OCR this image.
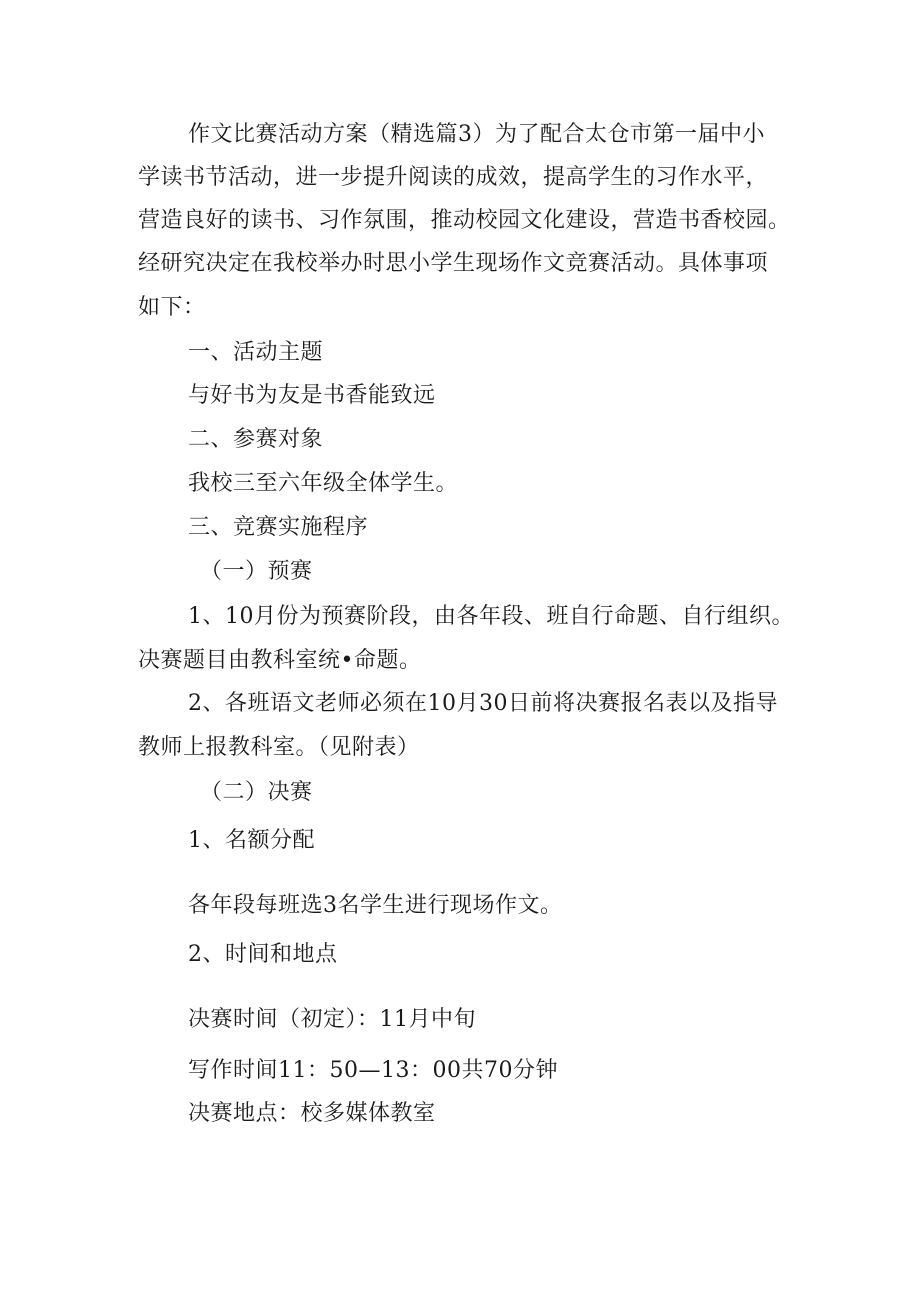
作文比赛活动方案（精选篇3）为了配合太仓市第一届中小
学读书节活动，进一步提升阅读的成效，提高学生的习作水平，
营造良好的读书、习作氛围，推动校园文化建设，营造书香校园。
经研究决定在我校举办时思小学生现场作文竞赛活动。具体事项
如下：
一、活动主题
与好书为友是书香能致远
二、参赛对象
我校三至六年级全体学生。
三、竞赛实施程序
（一）预赛
1、10月份为预赛阶段，由各年段、班自行命题、自行组织。
决赛题目由教科室统•命题。
2、各班语文老师必须在10月30日前将决赛报名表以及指导
教师上报教科室。（见附表）
（二）决赛
1、名额分配
各年段每班选3名学生进行现场作文。
2、时间和地点
决赛时间（初定）：11月中旬
写作时间11：50—13：00共70分钟
决赛地点：校多媒体教室
